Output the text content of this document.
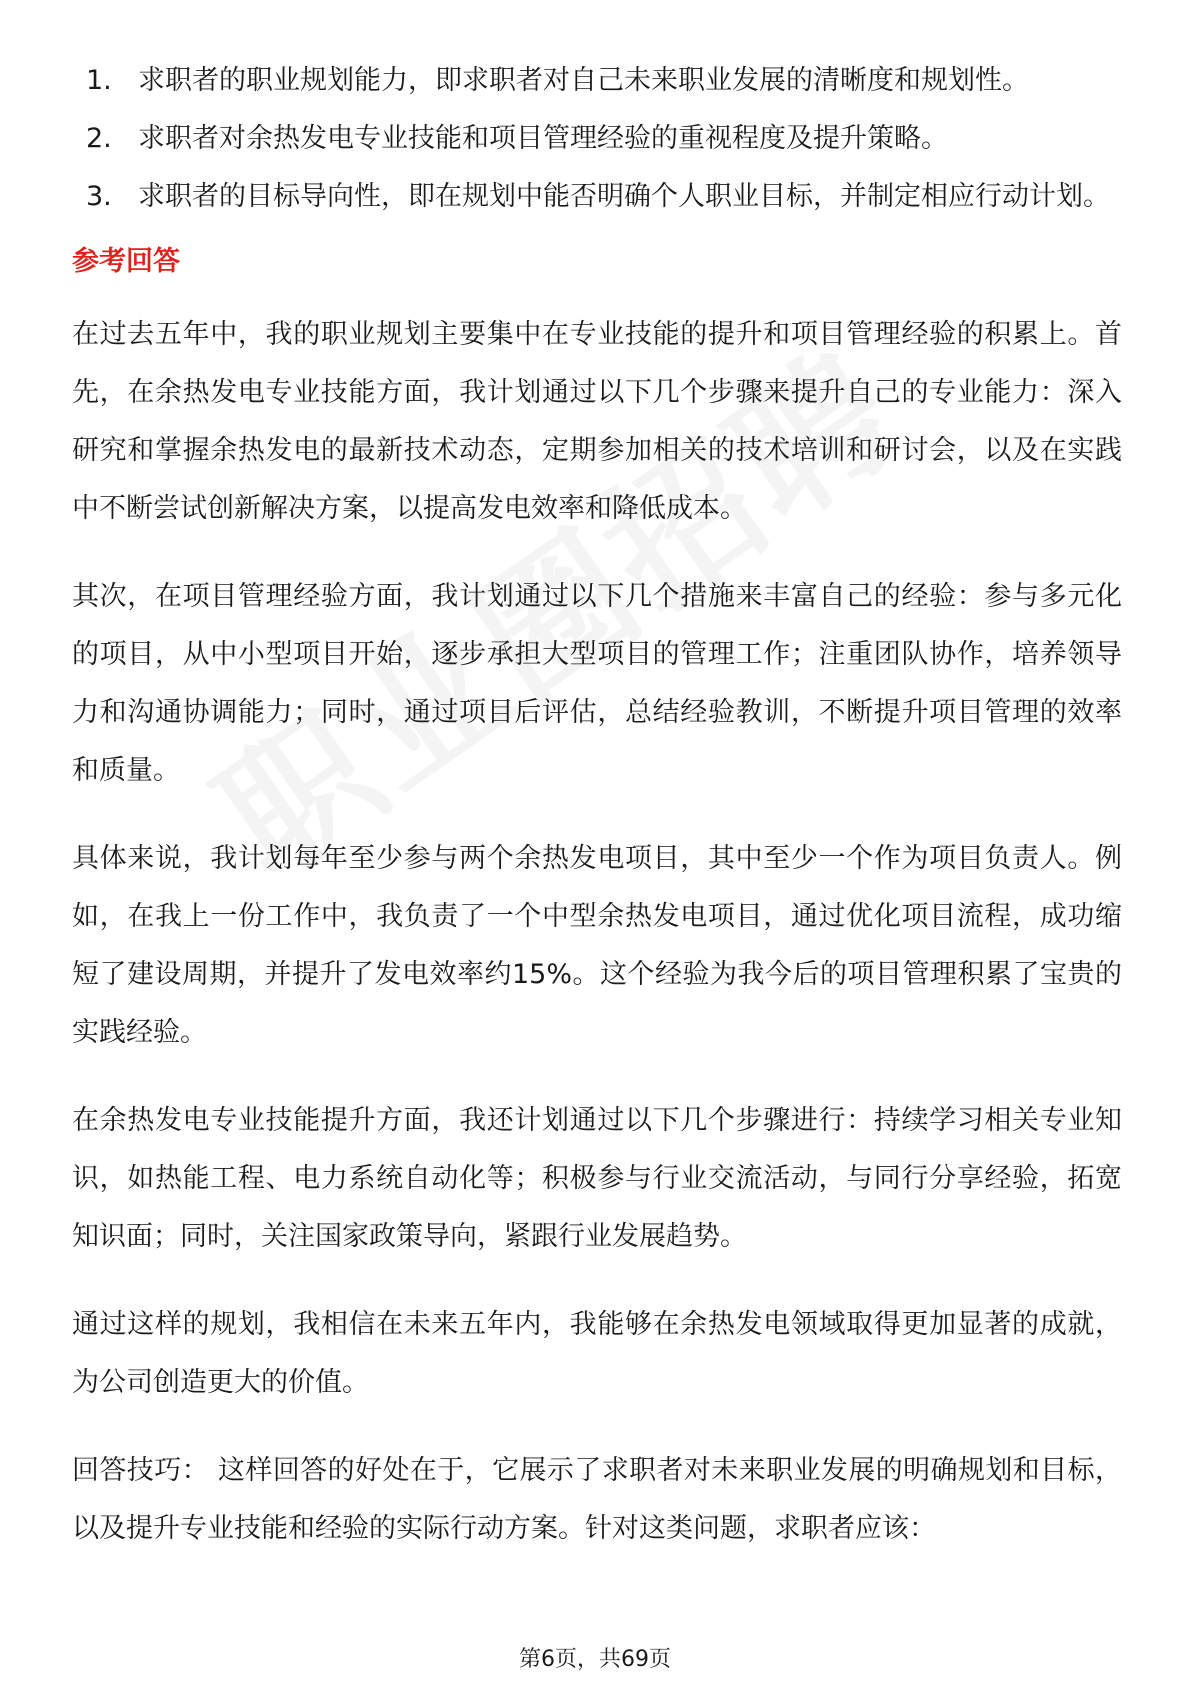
1. 求职者的职业规划能力，即求职者对自己未来职业发展的清晰度和规划性。
2. 求职者对余热发电专业技能和项目管理经验的重视程度及提升策略。
3. 求职者的目标导向性，即在规划中能否明确个人职业目标，并制定相应行动计划。
参考回答

在过去五年中，我的职业规划主要集中在专业技能的提升和项目管理经验的积累上。首先，在余热发电专业技能方面，我计划通过以下几个步骤来提升自己的专业能力：深入研究和掌握余热发电的最新技术动态，定期参加相关的技术培训和研讨会，以及在实践中不断尝试创新解决方案，以提高发电效率和降低成本。

其次，在项目管理经验方面，我计划通过以下几个措施来丰富自己的经验：参与多元化的项目，从中小型项目开始，逐步承担大型项目的管理工作；注重团队协作，培养领导力和沟通协调能力；同时，通过项目后评估，总结经验教训，不断提升项目管理的效率和质量。

具体来说，我计划每年至少参与两个余热发电项目，其中至少一个作为项目负责人。例如，在我上一份工作中，我负责了一个中型余热发电项目，通过优化项目流程，成功缩短了建设周期，并提升了发电效率约15%。这个经验为我今后的项目管理积累了宝贵的实践经验。

在余热发电专业技能提升方面，我还计划通过以下几个步骤进行：持续学习相关专业知识，如热能工程、电力系统自动化等；积极参与行业交流活动，与同行分享经验，拓宽知识面；同时，关注国家政策导向，紧跟行业发展趋势。

通过这样的规划，我相信在未来五年内，我能够在余热发电领域取得更加显著的成就，为公司创造更大的价值。

回答技巧： 这样回答的好处在于，它展示了求职者对未来职业发展的明确规划和目标，以及提升专业技能和经验的实际行动方案。针对这类问题，求职者应该：

第6页，共69页
